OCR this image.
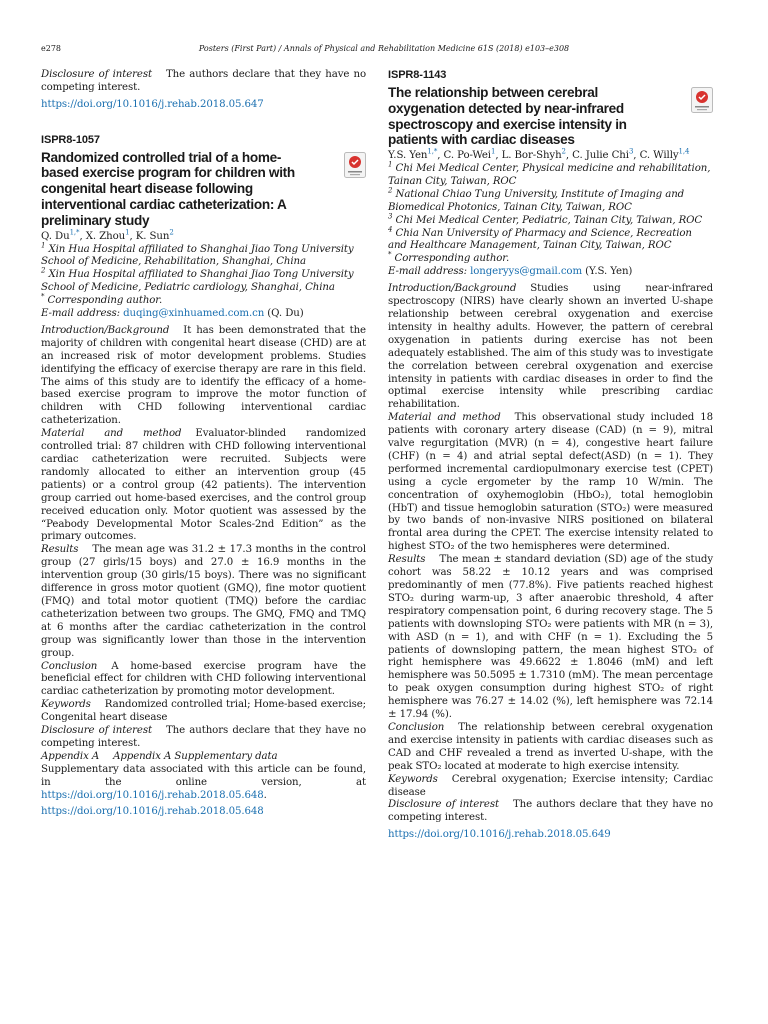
e278	Posters (First Part) / Annals of Physical and Rehabilitation Medicine 61S (2018) e103–e308

Disclosure of interest The authors declare that they have no competing interest.

https://doi.org/10.1016/j.rehab.2018.05.647
ISPR8-1057
Randomized controlled trial of a home-based exercise program for children with congenital heart disease following interventional cardiac catheterization: A preliminary study

Q. $Du^{1,*}$, X. Zhou$^1$, K. Sun$^2$

$^1$ Xin Hua Hospital affiliated to Shanghai Jiao Tong University School of Medicine, Rehabilitation, Shanghai, China

$^2$ Xin Hua Hospital affiliated to Shanghai Jiao Tong University School of Medicine, Pediatric cardiology, Shanghai, China

* Corresponding author.

E-mail address: duqing@xinhuamed.com.cn (Q. Du)

Introduction/Background It has been demonstrated that the majority of children with congenital heart disease (CHD) are at an increased risk of motor development problems. Studies identifying the efficacy of exercise therapy are rare in this field. The aims of this study are to identify the efficacy of a home-based exercise program to improve the motor function of children with CHD following interventional cardiac catheterization.

Material and method Evaluator-blinded randomized controlled trial: 87 children with CHD following interventional cardiac catheterization were recruited. Subjects were randomly allocated to either an intervention group (45 patients) or a control group (42 patients). The intervention group carried out home-based exercises, and the control group received education only. Motor quotient was assessed by the “Peabody Developmental Motor Scales-2nd Edition” as the primary outcomes.

Results The mean age was 31.2 ± 17.3 months in the control group (27 girls/15 boys) and 27.0 ± 16.9 months in the intervention group (30 girls/15 boys). There was no significant difference in gross motor quotient (GMQ), fine motor quotient (FMQ) and total motor quotient (TMQ) before the cardiac catheterization between two groups. The GMQ, FMQ and TMQ at 6 months after the cardiac catheterization in the control group was significantly lower than those in the intervention group.

Conclusion A home-based exercise program have the beneficial effect for children with CHD following interventional cardiac catheterization by promoting motor development.

Keywords Randomized controlled trial; Home-based exercise; Congenital heart disease

Disclosure of interest The authors declare that they have no competing interest.

Appendix A Appendix A Supplementary data

Supplementary data associated with this article can be found, in the online version, at https://doi.org/10.1016/j.rehab.2018.05.648.

https://doi.org/10.1016/j.rehab.2018.05.648
ISPR8-1143
The relationship between cerebral oxygenation detected by near-infrared spectroscopy and exercise intensity in patients with cardiac diseases

Y.S. Yen$^{1,*}$, C. Po-Wei$^1$, L. Bor-Shyh$^2$, C. Julie Chi$^3$, C. Willy$^{1,4}$

$^1$ Chi Mei Medical Center, Physical medicine and rehabilitation, Tainan City, Taiwan, ROC

$^2$ National Chiao Tung University, Institute of Imaging and Biomedical Photonics, Tainan City, Taiwan, ROC

$^3$ Chi Mei Medical Center, Pediatric, Tainan City, Taiwan, ROC

$^4$ Chia Nan University of Pharmacy and Science, Recreation and Healthcare Management, Tainan City, Taiwan, ROC

* Corresponding author.

E-mail address: longeryys@gmail.com (Y.S. Yen)

Introduction/Background Studies using near-infrared spectroscopy (NIRS) have clearly shown an inverted U-shape relationship between cerebral oxygenation and exercise intensity in healthy adults. However, the pattern of cerebral oxygenation in patients during exercise has not been adequately established. The aim of this study was to investigate the correlation between cerebral oxygenation and exercise intensity in patients with cardiac diseases in order to find the optimal exercise intensity while prescribing cardiac rehabilitation.

Material and method This observational study included 18 patients with coronary artery disease (CAD) (n = 9), mitral valve regurgitation (MVR) (n = 4), congestive heart failure (CHF) (n = 4) and atrial septal defect(ASD) (n = 1). They performed incremental cardiopulmonary exercise test (CPET) using a cycle ergometer by the ramp 10 W/min. The concentration of oxyhemoglobin (HbO₂), total hemoglobin (HbT) and tissue hemoglobin saturation (STO₂) were measured by two bands of non-invasive NIRS positioned on bilateral frontal area during the CPET. The exercise intensity related to highest STO₂ of the two hemispheres were determined.

Results The mean ± standard deviation (SD) age of the study cohort was 58.22 ± 10.12 years and was comprised predominantly of men (77.8%). Five patients reached highest STO₂ during warm-up, 3 after anaerobic threshold, 4 after respiratory compensation point, 6 during recovery stage. The 5 patients with downsloping STO₂ were patients with MR (n = 3), with ASD (n = 1), and with CHF (n = 1). Excluding the 5 patients of downsloping pattern, the mean highest STO₂ of right hemisphere was 49.6622 ± 1.8046 (mM) and left hemisphere was 50.5095 ± 1.7310 (mM). The mean percentage to peak oxygen consumption during highest STO₂ of right hemisphere was 76.27 ± 14.02 (%), left hemisphere was 72.14 ± 17.94 (%).

Conclusion The relationship between cerebral oxygenation and exercise intensity in patients with cardiac diseases such as CAD and CHF revealed a trend as inverted U-shape, with the peak STO₂ located at moderate to high exercise intensity.

Keywords Cerebral oxygenation; Exercise intensity; Cardiac disease

Disclosure of interest The authors declare that they have no competing interest.

https://doi.org/10.1016/j.rehab.2018.05.649
